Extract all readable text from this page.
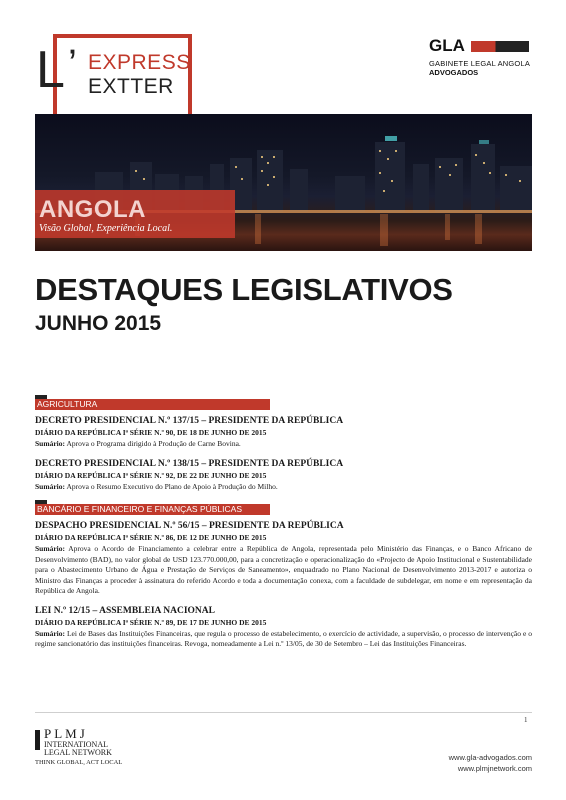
L ’ EXPRESS
EXTTER
GLA
GABINETE LEGAL ANGOLA
ADVOGADOS
ANGOLA
Visão Global, Experiência Local.
DESTAQUES LEGISLATIVOS
JUNHO 2015
AGRICULTURA
DECRETO PRESIDENCIAL N.º 137/15 – PRESIDENTE DA REPÚBLICA
DIÁRIO DA REPÚBLICA Iª SÉRIE N.º 90, DE 18 DE JUNHO DE 2015
Sumário: Aprova o Programa dirigido à Produção de Carne Bovina.
DECRETO PRESIDENCIAL N.º 138/15 – PRESIDENTE DA REPÚBLICA
DIÁRIO DA REPÚBLICA Iª SÉRIE N.º 92, DE 22 DE JUNHO DE 2015
Sumário: Aprova o Resumo Executivo do Plano de Apoio à Produção do Milho.
BANCÁRIO E FINANCEIRO E FINANÇAS PÚBLICAS
DESPACHO PRESIDENCIAL N.º 56/15 – PRESIDENTE DA REPÚBLICA
DIÁRIO DA REPÚBLICA Iª SÉRIE N.º 86, DE 12 DE JUNHO DE 2015
Sumário: Aprova o Acordo de Financiamento a celebrar entre a República de Angola, representada pelo Ministério das Finanças, e o Banco Africano de Desenvolvimento (BAD), no valor global de USD 123.770.000,00, para a concretização e operacionalização do «Projecto de Apoio Institucional e Sustentabilidade para o Abastecimento Urbano de Água e Prestação de Serviços de Saneamento», enquadrado no Plano Nacional de Desenvolvimento 2013-2017 e autoriza o Ministro das Finanças a proceder à assinatura do referido Acordo e toda a documentação conexa, com a faculdade de subdelegar, em nome e em representação da República de Angola.
LEI N.º 12/15 – ASSEMBLEIA NACIONAL
DIÁRIO DA REPÚBLICA Iª SÉRIE N.º 89, DE 17 DE JUNHO DE 2015
Sumário: Lei de Bases das Instituições Financeiras, que regula o processo de estabelecimento, o exercício de actividade, a supervisão, o processo de intervenção e o regime sancionatório das instituições financeiras. Revoga, nomeadamente a Lei n.º 13/05, de 30 de Setembro – Lei das Instituições Financeiras.
1
PLMJ
INTERNATIONAL
LEGAL NETWORK
THINK GLOBAL, ACT LOCAL
www.gla-advogados.com
www.plmjnetwork.com
